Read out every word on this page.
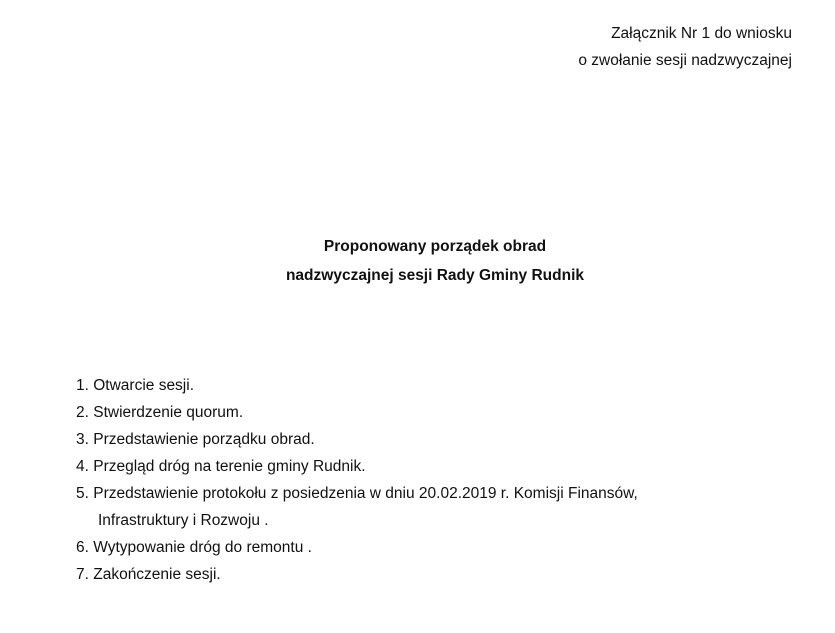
Załącznik Nr 1 do wniosku
o zwołanie sesji nadzwyczajnej
Proponowany porządek obrad
nadzwyczajnej sesji Rady Gminy Rudnik
1. Otwarcie sesji.
2. Stwierdzenie quorum.
3. Przedstawienie porządku obrad.
4. Przegląd dróg na terenie gminy Rudnik.
5. Przedstawienie protokołu z posiedzenia w dniu 20.02.2019 r. Komisji Finansów,
Infrastruktury i Rozwoju .
6. Wytypowanie dróg do remontu .
7. Zakończenie sesji.
